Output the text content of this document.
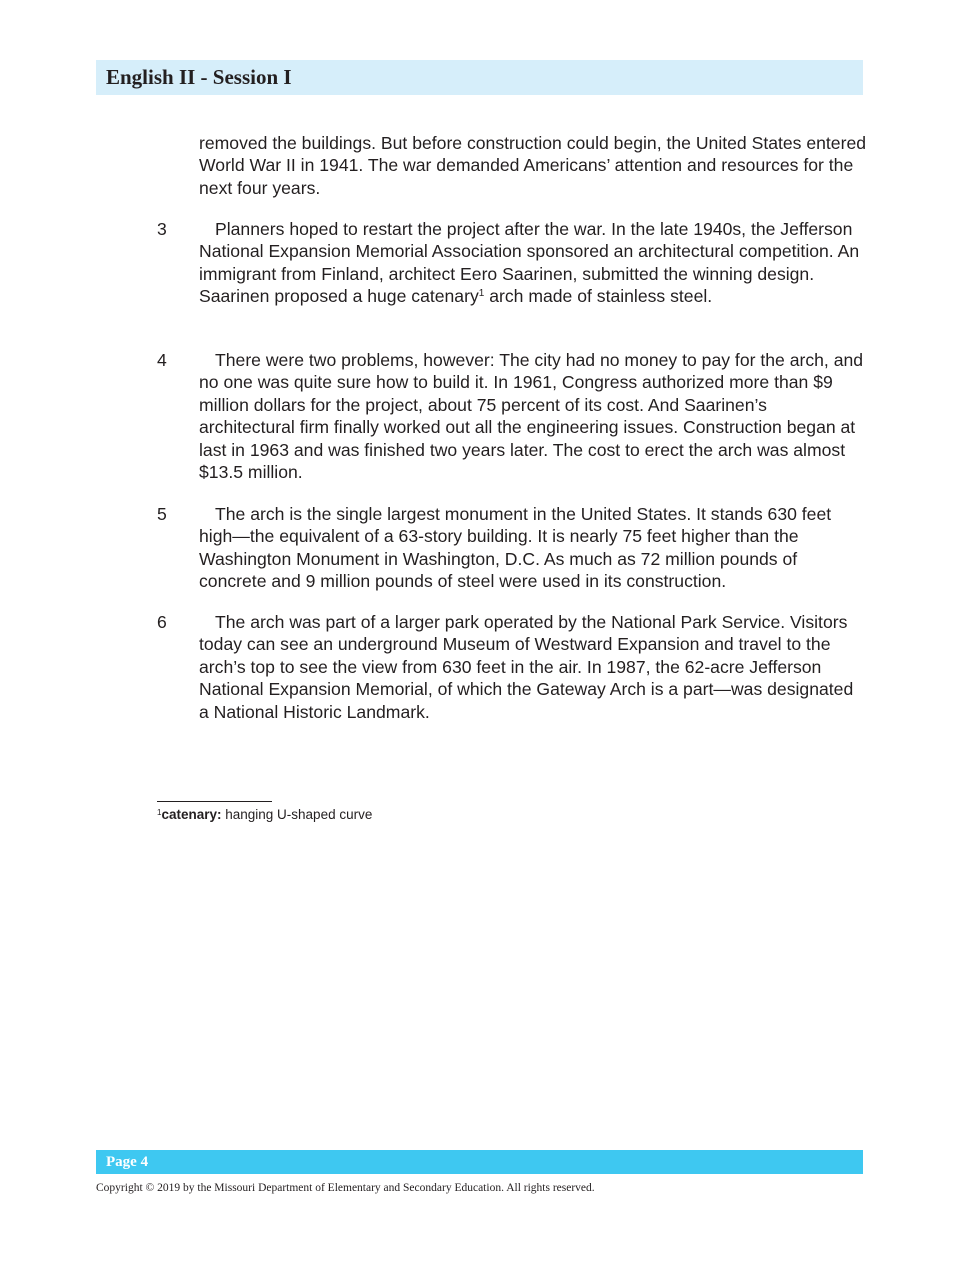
English II - Session I
removed the buildings. But before construction could begin, the United States entered World War II in 1941. The war demanded Americans’ attention and resources for the next four years.
3	Planners hoped to restart the project after the war. In the late 1940s, the Jefferson National Expansion Memorial Association sponsored an architectural competition. An immigrant from Finland, architect Eero Saarinen, submitted the winning design. Saarinen proposed a huge catenary$^1$ arch made of stainless steel.
4	There were two problems, however: The city had no money to pay for the arch, and no one was quite sure how to build it. In 1961, Congress authorized more than $9 million dollars for the project, about 75 percent of its cost. And Saarinen’s architectural firm finally worked out all the engineering issues. Construction began at last in 1963 and was finished two years later. The cost to erect the arch was almost $13.5 million.
5	The arch is the single largest monument in the United States. It stands 630 feet high—the equivalent of a 63-story building. It is nearly 75 feet higher than the Washington Monument in Washington, D.C. As much as 72 million pounds of concrete and 9 million pounds of steel were used in its construction.
6	The arch was part of a larger park operated by the National Park Service. Visitors today can see an underground Museum of Westward Expansion and travel to the arch’s top to see the view from 630 feet in the air. In 1987, the 62-acre Jefferson National Expansion Memorial, of which the Gateway Arch is a part—was designated a National Historic Landmark.
$^1$catenary: hanging U-shaped curve
Page 4
Copyright © 2019 by the Missouri Department of Elementary and Secondary Education. All rights reserved.
